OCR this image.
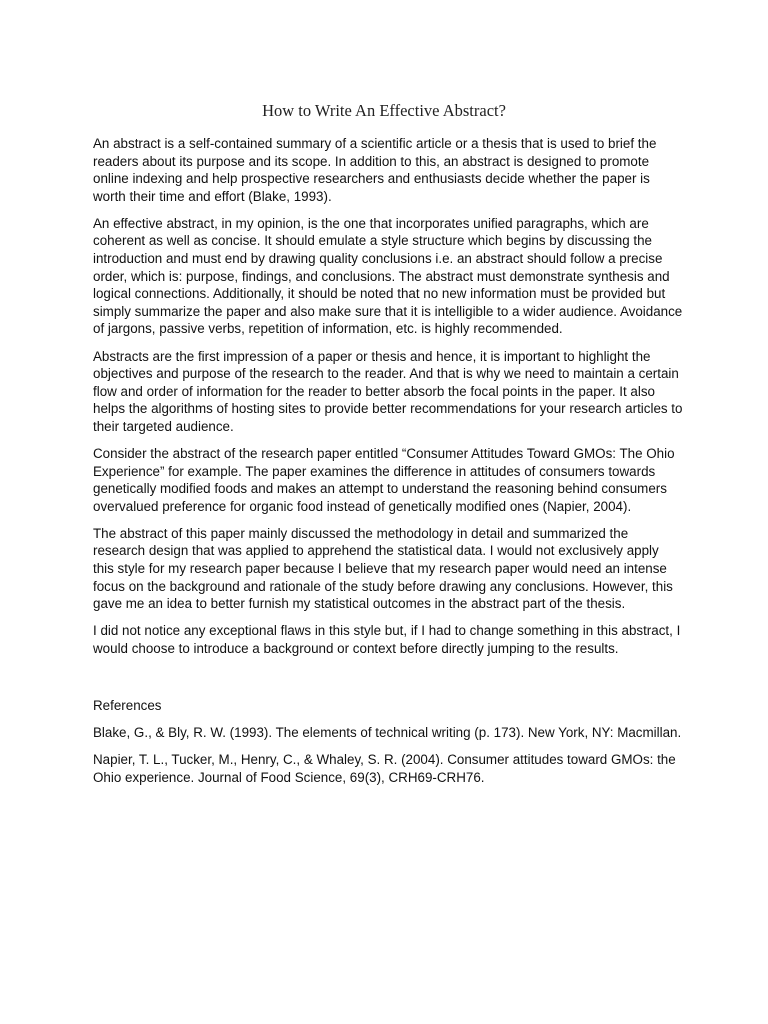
How to Write An Effective Abstract?

An abstract is a self-contained summary of a scientific article or a thesis that is used to brief the readers about its purpose and its scope. In addition to this, an abstract is designed to promote online indexing and help prospective researchers and enthusiasts decide whether the paper is worth their time and effort (Blake, 1993).

An effective abstract, in my opinion, is the one that incorporates unified paragraphs, which are coherent as well as concise. It should emulate a style structure which begins by discussing the introduction and must end by drawing quality conclusions i.e. an abstract should follow a precise order, which is: purpose, findings, and conclusions. The abstract must demonstrate synthesis and logical connections. Additionally, it should be noted that no new information must be provided but simply summarize the paper and also make sure that it is intelligible to a wider audience. Avoidance of jargons, passive verbs, repetition of information, etc. is highly recommended.

Abstracts are the first impression of a paper or thesis and hence, it is important to highlight the objectives and purpose of the research to the reader. And that is why we need to maintain a certain flow and order of information for the reader to better absorb the focal points in the paper. It also helps the algorithms of hosting sites to provide better recommendations for your research articles to their targeted audience.

Consider the abstract of the research paper entitled “Consumer Attitudes Toward GMOs: The Ohio Experience” for example. The paper examines the difference in attitudes of consumers towards genetically modified foods and makes an attempt to understand the reasoning behind consumers overvalued preference for organic food instead of genetically modified ones (Napier, 2004).

The abstract of this paper mainly discussed the methodology in detail and summarized the research design that was applied to apprehend the statistical data. I would not exclusively apply this style for my research paper because I believe that my research paper would need an intense focus on the background and rationale of the study before drawing any conclusions. However, this gave me an idea to better furnish my statistical outcomes in the abstract part of the thesis.

I did not notice any exceptional flaws in this style but, if I had to change something in this abstract, I would choose to introduce a background or context before directly jumping to the results.

References

Blake, G., & Bly, R. W. (1993). The elements of technical writing (p. 173). New York, NY: Macmillan.

Napier, T. L., Tucker, M., Henry, C., & Whaley, S. R. (2004). Consumer attitudes toward GMOs: the Ohio experience. Journal of Food Science, 69(3), CRH69-CRH76.
